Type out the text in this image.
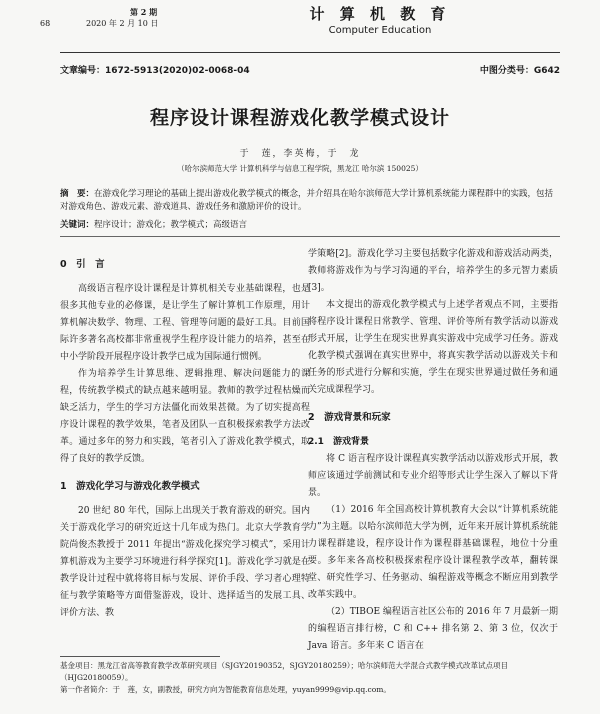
第 2 期
68	2020 年 2 月 10 日
计 算 机 教 育
Computer Education
文章编号：1672-5913(2020)02-0068-04	中图分类号：G642
程序设计课程游戏化教学模式设计
于　莲，李英梅，于　龙
（哈尔滨师范大学 计算机科学与信息工程学院，黑龙江 哈尔滨 150025）
摘　要：在游戏化学习理论的基础上提出游戏化教学模式的概念，并介绍具在哈尔滨师范大学计算机系统能力课程群中的实践，包括对游戏角色、游戏元素、游戏道具、游戏任务和激励评价的设计。
关键词：程序设计；游戏化；教学模式；高级语言
0　引　言

高级语言程序设计课程是计算机相关专业基础课程，也是很多其他专业的必修课，是让学生了解计算机工作原理，用计算机解决数学、物理、工程、管理等问题的最好工具。目前国际许多著名高校都非常重视学生程序设计能力的培养，甚至在中小学阶段开展程序设计教学已成为国际通行惯例。

作为培养学生计算思维、逻辑推理、解决问题能力的课程，传统教学模式的缺点越来越明显。教师的教学过程枯燥而缺乏活力，学生的学习方法僵化而效果甚微。为了切实提高程序设计课程的教学效果，笔者及团队一直积极探索教学方法改革。通过多年的努力和实践，笔者引入了游戏化教学模式，取得了良好的教学反馈。

1　游戏化学习与游戏化教学模式

20 世纪 80 年代，国际上出现关于教育游戏的研究。国内关于游戏化学习的研究近这十几年成为热门。北京大学教育学院尚俊杰教授于 2011 年提出“游戏化探究学习模式”，采用计算机游戏为主要学习环境进行科学探究[1]。游戏化学习就是在教学设计过程中就将将目标与发展、评价手段、学习者心理特征与教学策略等方面借鉴游戏，设计、选择适当的发展工具、评价方法、教

学策略[2]。游戏化学习主要包括数字化游戏和游戏活动两类，教师将游戏作为与学习沟通的平台，培养学生的多元智力素质[3]。

本文提出的游戏化教学模式与上述学者观点不同，主要指将程序设计课程日常教学、管理、评价等所有教学活动以游戏形式开展，让学生在现实世界真实游戏中完成学习任务。游戏化教学模式强调在真实世界中，将真实教学活动以游戏关卡和任务的形式进行分解和实施，学生在现实世界通过做任务和通关完成课程学习。

2　游戏背景和玩家
2.1　游戏背景

将 C 语言程序设计课程真实教学活动以游戏形式开展，教师应该通过学前测试和专业介绍等形式让学生深入了解以下背景。

（1）2016 年全国高校计算机教育大会以“计算机系统能力”为主题。以哈尔滨师范大学为例，近年来开展计算机系统能力课程群建设，程序设计作为课程群基础课程，地位十分重要。多年来各高校积极探索程序设计课程教学改革，翻转课堂、研究性学习、任务驱动、编程游戏等概念不断应用到教学改革实践中。

（2）TIBOE 编程语言社区公布的 2016 年 7 月最新一期的编程语言排行榜，C 和 C++ 排名第 2、第 3 位，仅次于 Java 语言。多年来 C 语言在

基金项目：黑龙江省高等教育教学改革研究项目（SJGY20190352，SJGY20180259）；哈尔滨师范大学混合式教学模式改革试点项目（HJG20180059）。
第一作者简介：于　莲，女，副教授，研究方向为智能教育信息处理，yuyan9999@vip.qq.com。
